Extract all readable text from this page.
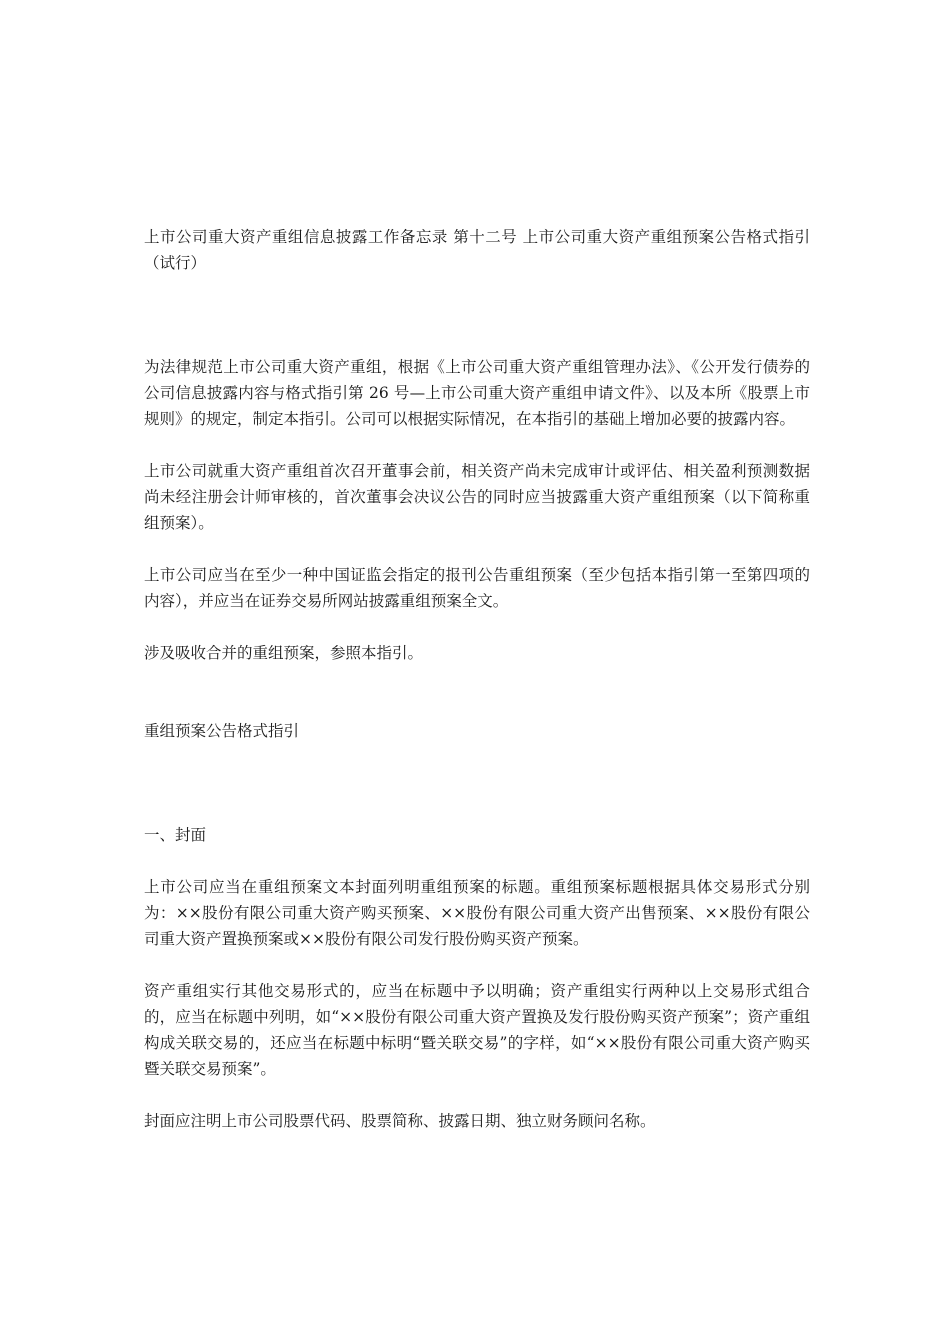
上市公司重大资产重组信息披露工作备忘录 第十二号 上市公司重大资产重组预案公告格式指引（试行）

为法律规范上市公司重大资产重组，根据《上市公司重大资产重组管理办法》、《公开发行债券的公司信息披露内容与格式指引第 26 号—上市公司重大资产重组申请文件》、以及本所《股票上市规则》的规定，制定本指引。公司可以根据实际情况，在本指引的基础上增加必要的披露内容。

上市公司就重大资产重组首次召开董事会前，相关资产尚未完成审计或评估、相关盈利预测数据尚未经注册会计师审核的，首次董事会决议公告的同时应当披露重大资产重组预案（以下简称重组预案）。

上市公司应当在至少一种中国证监会指定的报刊公告重组预案（至少包括本指引第一至第四项的内容），并应当在证券交易所网站披露重组预案全文。

涉及吸收合并的重组预案，参照本指引。

重组预案公告格式指引

一、封面

上市公司应当在重组预案文本封面列明重组预案的标题。重组预案标题根据具体交易形式分别为：××股份有限公司重大资产购买预案、××股份有限公司重大资产出售预案、××股份有限公司重大资产置换预案或××股份有限公司发行股份购买资产预案。

资产重组实行其他交易形式的，应当在标题中予以明确；资产重组实行两种以上交易形式组合的，应当在标题中列明，如“××股份有限公司重大资产置换及发行股份购买资产预案”；资产重组构成关联交易的，还应当在标题中标明“暨关联交易”的字样，如“××股份有限公司重大资产购买暨关联交易预案”。

封面应注明上市公司股票代码、股票简称、披露日期、独立财务顾问名称。
